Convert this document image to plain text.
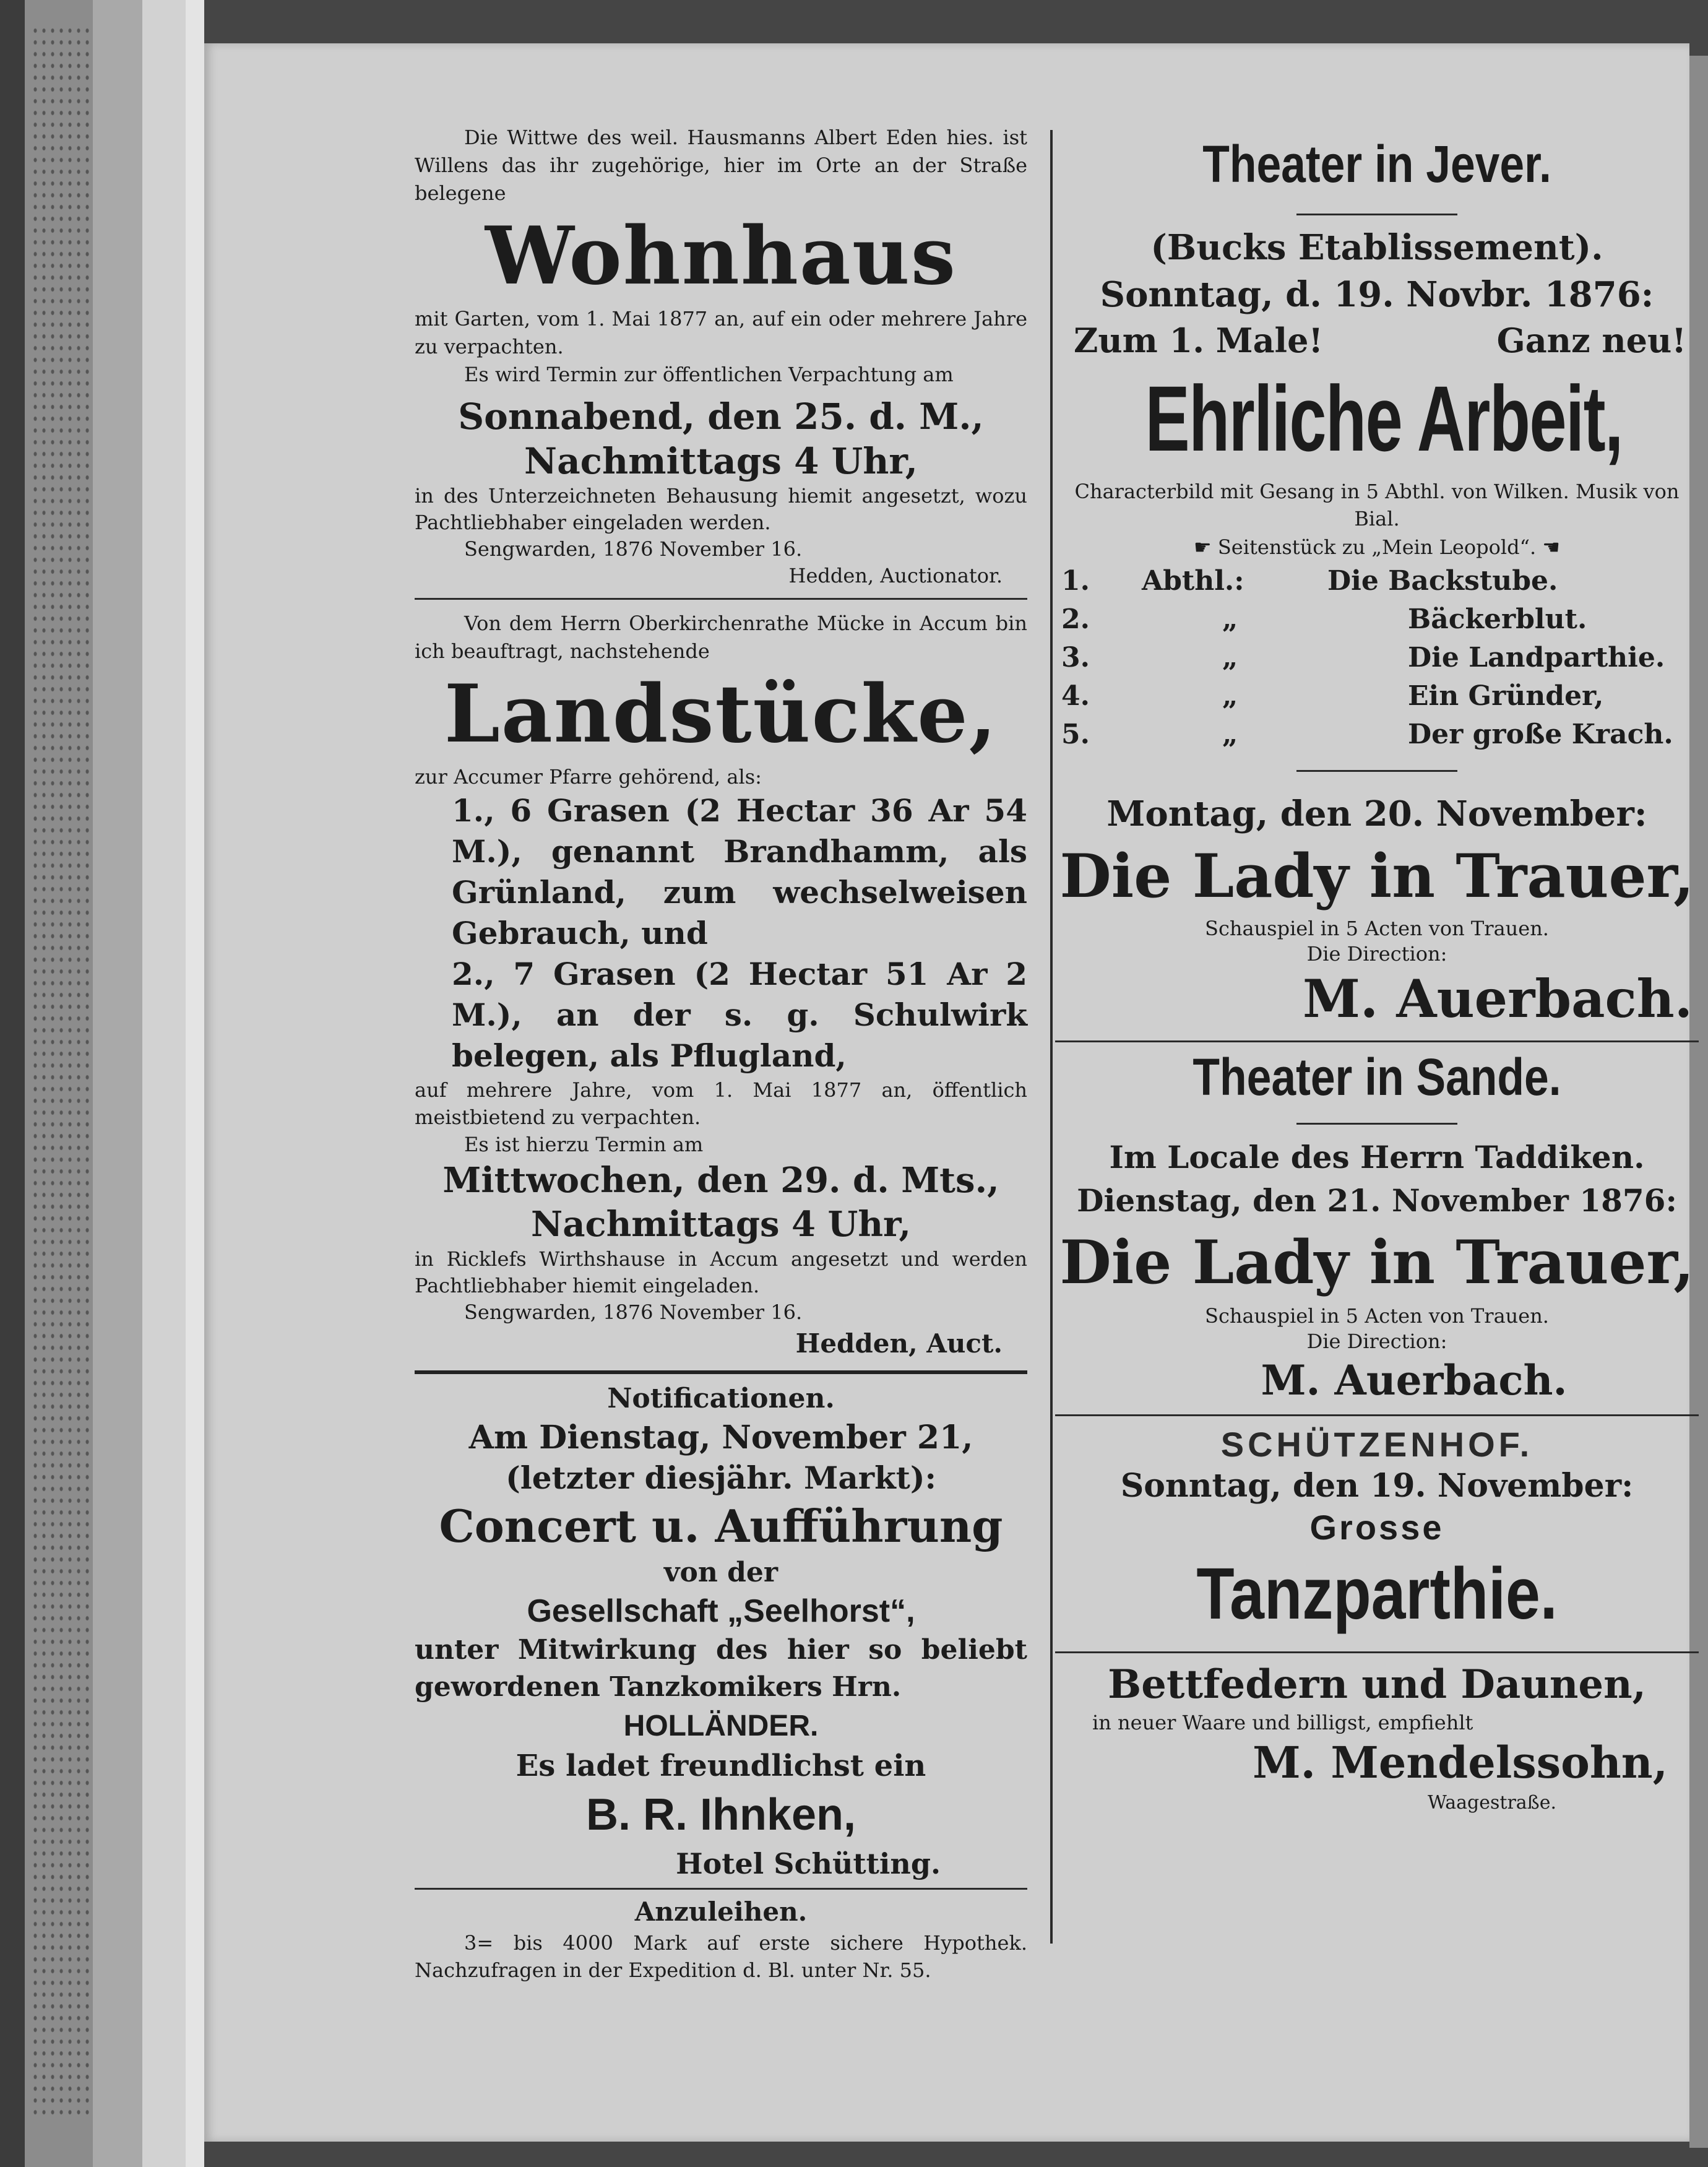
Die Wittwe des weil. Hausmanns Albert Eden hies. ist Willens das ihr zugehörige, hier im Orte an der Straße belegene

Wohnhaus

mit Garten, vom 1. Mai 1877 an, auf ein oder mehrere Jahre zu verpachten.

Es wird Termin zur öffentlichen Verpachtung am

Sonnabend, den 25. d. M.,
Nachmittags 4 Uhr,

in des Unterzeichneten Behausung hiemit angesetzt, wozu Pachtliebhaber eingeladen werden.

Sengwarden, 1876 November 16.

Hedden, Auctionator.

Von dem Herrn Oberkirchenrathe Mücke in Accum bin ich beauftragt, nachstehende

Landstücke,

zur Accumer Pfarre gehörend, als:

1., 6 Grasen (2 Hectar 36 Ar 54 M.), genannt Brandhamm, als Grünland, zum wechselweisen Gebrauch, und

2., 7 Grasen (2 Hectar 51 Ar 2 M.), an der s. g. Schulwirk belegen, als Pflugland,

auf mehrere Jahre, vom 1. Mai 1877 an, öffentlich meistbietend zu verpachten.

Es ist hierzu Termin am

Mittwochen, den 29. d. Mts.,
Nachmittags 4 Uhr,

in Ricklefs Wirthshause in Accum angesetzt und werden Pachtliebhaber hiemit eingeladen.

Sengwarden, 1876 November 16.

Hedden, Auct.

Notificationen.
Am Dienstag, November 21,
(letzter diesjähr. Markt):
Concert u. Aufführung
von der
Gesellschaft „Seelhorst“,

unter Mitwirkung des hier so beliebt gewordenen Tanzkomikers Hrn.

HOLLÄNDER.
Es ladet freundlichst ein
B. R. Ihnken,
Hotel Schütting.
Anzuleihen.

3= bis 4000 Mark auf erste sichere Hypothek. Nachzufragen in der Expedition d. Bl. unter Nr. 55.

Theater in Jever.
(Bucks Etablissement).
Sonntag, d. 19. Novbr. 1876:
Zum 1. Male!	Ganz neu!
Ehrliche Arbeit,

Characterbild mit Gesang in 5 Abthl. von Wilken. Musik von Bial.

☛ Seitenstück zu „Mein Leopold“. ☚
1.	Abthl.:	Die Backstube.
2.	„	Bäckerblut.
3.	„	Die Landparthie.
4.	„	Ein Gründer,
5.	„	Der große Krach.
Montag, den 20. November:
Die Lady in Trauer,

Schauspiel in 5 Acten von Trauen.

Die Direction:

M. Auerbach.
Theater in Sande.
Im Locale des Herrn Taddiken.
Dienstag, den 21. November 1876:
Die Lady in Trauer,

Schauspiel in 5 Acten von Trauen.

Die Direction:

M. Auerbach.
SCHÜTZENHOF.
Sonntag, den 19. November:
Grosse
Tanzparthie.
Bettfedern und Daunen,

in neuer Waare und billigst, empfiehlt

M. Mendelssohn,
Waagestraße.
